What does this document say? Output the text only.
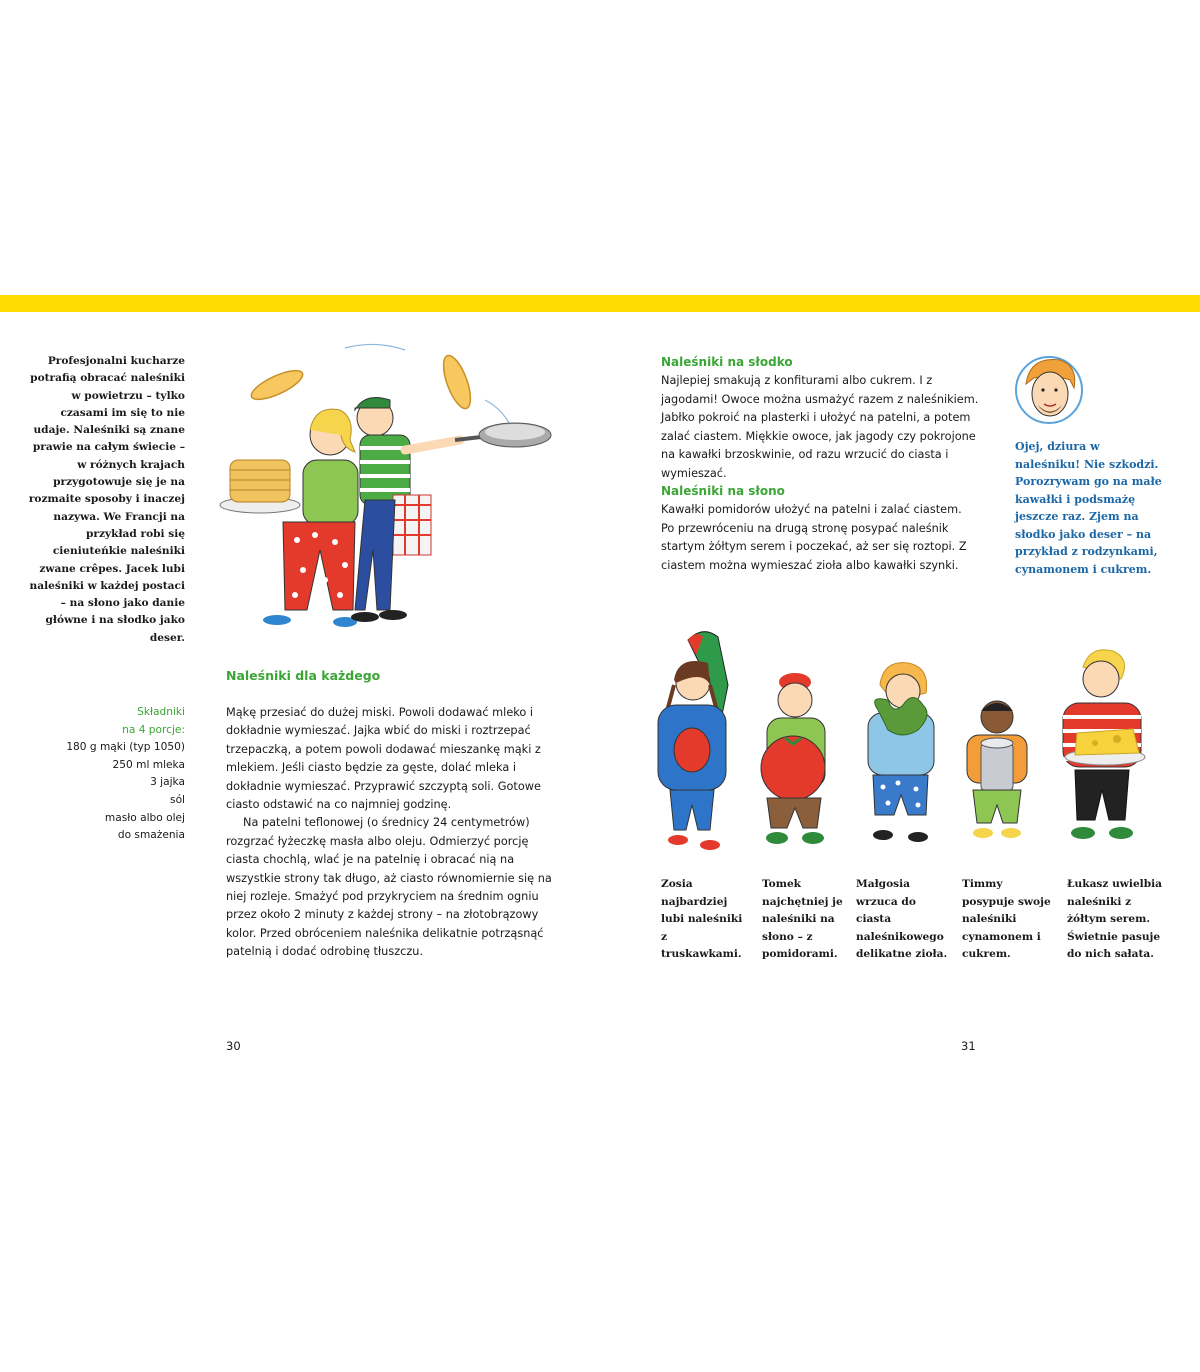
Profesjonalni kucharze potrafią obracać naleśniki w powietrzu – tylko czasami im się to nie udaje. Naleśniki są znane prawie na całym świecie – w różnych krajach przygotowuje się je na rozmaite sposoby i inaczej nazywa. We Francji na przykład robi się cieniuteńkie naleśniki zwane crêpes. Jacek lubi naleśniki w każdej postaci – na słono jako danie główne i na słodko jako deser.
Składniki
na 4 porcje:
180 g mąki (typ 1050)
250 ml mleka
3 jajka
sól
masło albo olej
do smażenia
Naleśniki dla każdego

Mąkę przesiać do dużej miski. Powoli dodawać mleko i dokładnie wymieszać. Jajka wbić do miski i roztrzepać trzepaczką, a potem powoli dodawać mieszankę mąki z mlekiem. Jeśli ciasto będzie za gęste, dolać mleka i dokładnie wymieszać. Przyprawić szczyptą soli. Gotowe ciasto odstawić na co najmniej godzinę.

Na patelni teflonowej (o średnicy 24 centymetrów) rozgrzać łyżeczkę masła albo oleju. Odmierzyć porcję ciasta chochlą, wlać je na patelnię i obracać nią na wszystkie strony tak długo, aż ciasto równomiernie się na niej rozleje. Smażyć pod przykryciem na średnim ogniu przez około 2 minuty z każdej strony – na złotobrązowy kolor. Przed obróceniem naleśnika delikatnie potrząsnąć patelnią i dodać odrobinę tłuszczu.

30
Naleśniki na słodko

Najlepiej smakują z konfiturami albo cukrem. I z jagodami! Owoce można usmażyć razem z naleśnikiem. Jabłko pokroić na plasterki i ułożyć na patelni, a potem zalać ciastem. Miękkie owoce, jak jagody czy pokrojone na kawałki brzoskwinie, od razu wrzucić do ciasta i wymieszać.

Naleśniki na słono

Kawałki pomidorów ułożyć na patelni i zalać ciastem.

Po przewróceniu na drugą stronę posypać naleśnik startym żółtym serem i poczekać, aż ser się roztopi. Z ciastem można wymieszać zioła albo kawałki szynki.

Ojej, dziura w naleśniku! Nie szkodzi. Porozrywam go na małe kawałki i podsmażę jeszcze raz. Zjem na słodko jako deser – na przykład z rodzynkami, cynamonem i cukrem.
Zosia najbardziej lubi naleśniki z truskawkami.
Tomek najchętniej je naleśniki na słono – z pomidorami.
Małgosia wrzuca do ciasta naleśnikowego delikatne zioła.
Timmy posypuje swoje naleśniki cynamonem i cukrem.
Łukasz uwielbia naleśniki z żółtym serem. Świetnie pasuje do nich sałata.
31
